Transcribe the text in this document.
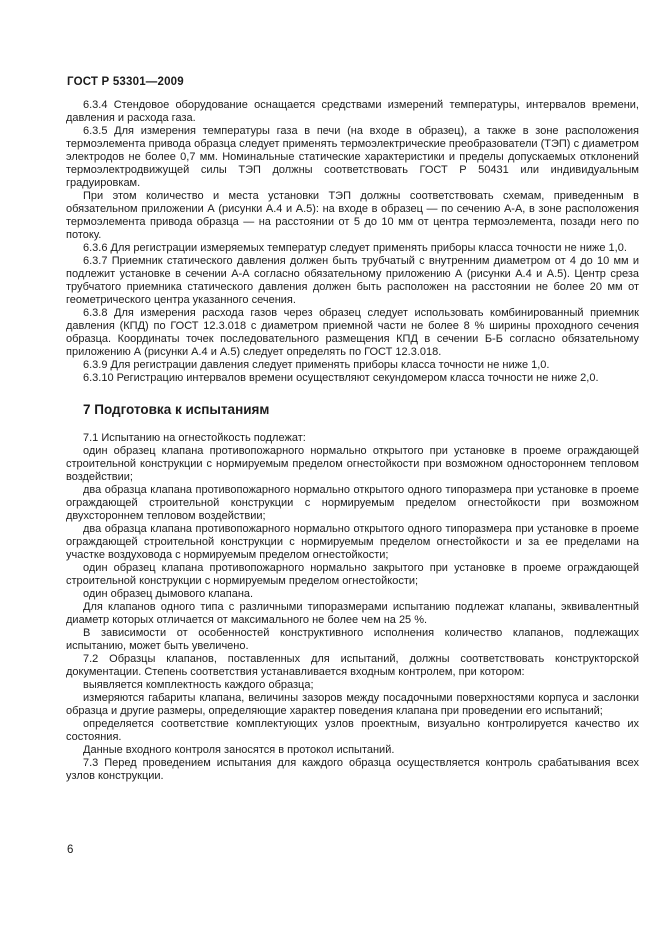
ГОСТ Р 53301—2009

6.3.4 Стендовое оборудование оснащается средствами измерений температуры, интервалов времени, давления и расхода газа.

6.3.5 Для измерения температуры газа в печи (на входе в образец), а также в зоне расположения термоэлемента привода образца следует применять термоэлектрические преобразователи (ТЭП) с диаметром электродов не более 0,7 мм. Номинальные статические характеристики и пределы допускаемых отклонений термоэлектродвижущей силы ТЭП должны соответствовать ГОСТ Р 50431 или индивидуальным градуировкам.

При этом количество и места установки ТЭП должны соответствовать схемам, приведенным в обязательном приложении А (рисунки А.4 и А.5): на входе в образец — по сечению А-А, в зоне расположения термоэлемента привода образца — на расстоянии от 5 до 10 мм от центра термоэлемента, позади него по потоку.

6.3.6 Для регистрации измеряемых температур следует применять приборы класса точности не ниже 1,0.

6.3.7 Приемник статического давления должен быть трубчатый с внутренним диаметром от 4 до 10 мм и подлежит установке в сечении А-А согласно обязательному приложению А (рисунки А.4 и А.5). Центр среза трубчатого приемника статического давления должен быть расположен на расстоянии не более 20 мм от геометрического центра указанного сечения.

6.3.8 Для измерения расхода газов через образец следует использовать комбинированный приемник давления (КПД) по ГОСТ 12.3.018 с диаметром приемной части не более 8 % ширины проходного сечения образца. Координаты точек последовательного размещения КПД в сечении Б-Б согласно обязательному приложению А (рисунки А.4 и А.5) следует определять по ГОСТ 12.3.018.

6.3.9 Для регистрации давления следует применять приборы класса точности не ниже 1,0.

6.3.10 Регистрацию интервалов времени осуществляют секундомером класса точности не ниже 2,0.

7 Подготовка к испытаниям

7.1 Испытанию на огнестойкость подлежат:

один образец клапана противопожарного нормально открытого при установке в проеме ограждающей строительной конструкции с нормируемым пределом огнестойкости при возможном одностороннем тепловом воздействии;

два образца клапана противопожарного нормально открытого одного типоразмера при установке в проеме ограждающей строительной конструкции с нормируемым пределом огнестойкости при возможном двухстороннем тепловом воздействии;

два образца клапана противопожарного нормально открытого одного типоразмера при установке в проеме ограждающей строительной конструкции с нормируемым пределом огнестойкости и за ее пределами на участке воздуховода с нормируемым пределом огнестойкости;

один образец клапана противопожарного нормально закрытого при установке в проеме ограждающей строительной конструкции с нормируемым пределом огнестойкости;

один образец дымового клапана.

Для клапанов одного типа с различными типоразмерами испытанию подлежат клапаны, эквивалентный диаметр которых отличается от максимального не более чем на 25 %.

В зависимости от особенностей конструктивного исполнения количество клапанов, подлежащих испытанию, может быть увеличено.

7.2 Образцы клапанов, поставленных для испытаний, должны соответствовать конструкторской документации. Степень соответствия устанавливается входным контролем, при котором:

выявляется комплектность каждого образца;

измеряются габариты клапана, величины зазоров между посадочными поверхностями корпуса и заслонки образца и другие размеры, определяющие характер поведения клапана при проведении его испытаний;

определяется соответствие комплектующих узлов проектным, визуально контролируется качество их состояния.

Данные входного контроля заносятся в протокол испытаний.

7.3 Перед проведением испытания для каждого образца осуществляется контроль срабатывания всех узлов конструкции.

6
